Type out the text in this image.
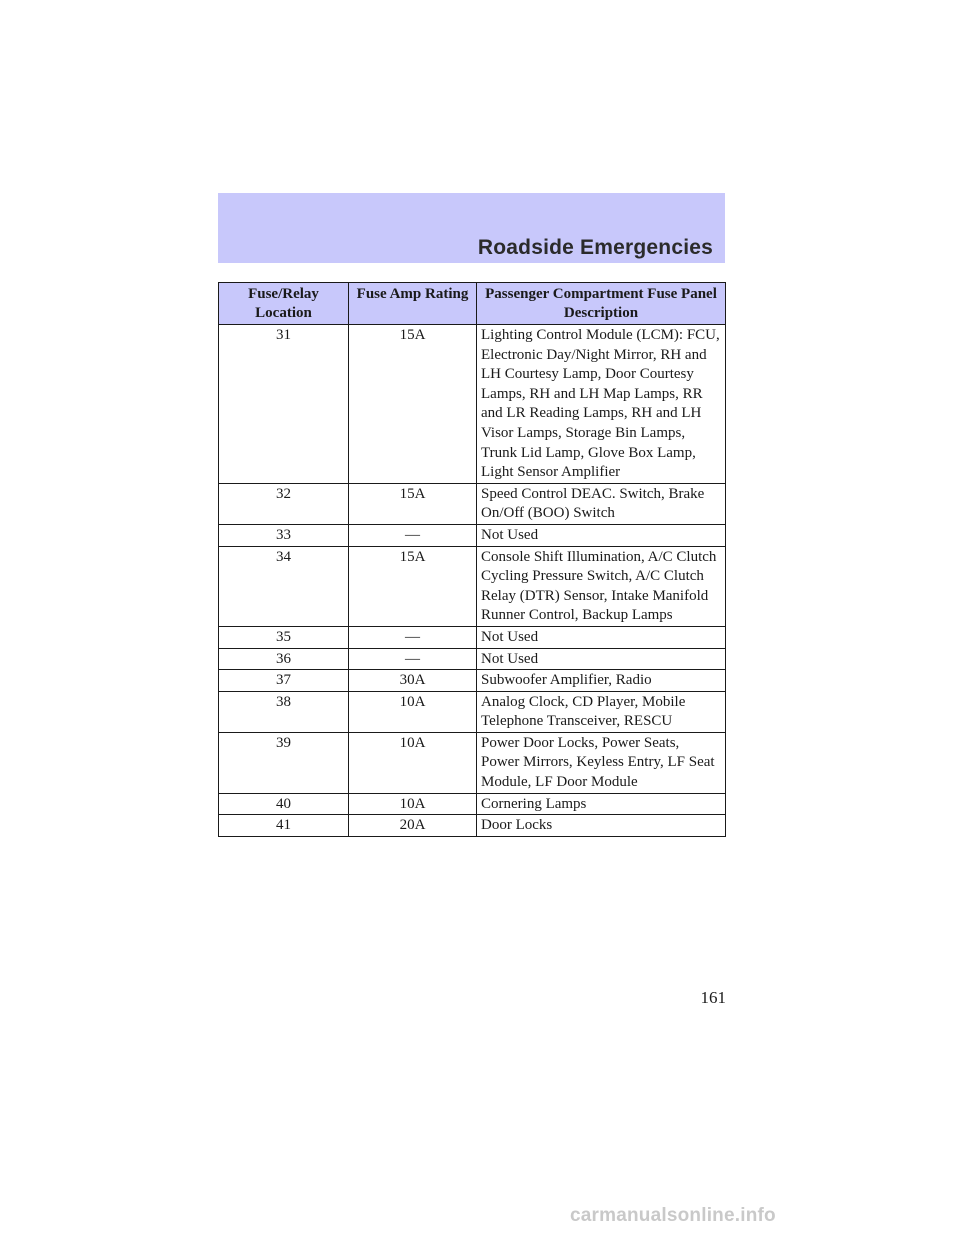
Roadside Emergencies
Fuse/Relay Location	Fuse Amp Rating	Passenger Compartment Fuse Panel Description
31	15A	Lighting Control Module (LCM): FCU, Electronic Day/Night Mirror, RH and LH Courtesy Lamp, Door Courtesy Lamps, RH and LH Map Lamps, RR and LR Reading Lamps, RH and LH Visor Lamps, Storage Bin Lamps, Trunk Lid Lamp, Glove Box Lamp, Light Sensor Amplifier
32	15A	Speed Control DEAC. Switch, Brake On/Off (BOO) Switch
33	—	Not Used
34	15A	Console Shift Illumination, A/C Clutch Cycling Pressure Switch, A/C Clutch Relay (DTR) Sensor, Intake Manifold Runner Control, Backup Lamps
35	—	Not Used
36	—	Not Used
37	30A	Subwoofer Amplifier, Radio
38	10A	Analog Clock, CD Player, Mobile Telephone Transceiver, RESCU
39	10A	Power Door Locks, Power Seats, Power Mirrors, Keyless Entry, LF Seat Module, LF Door Module
40	10A	Cornering Lamps
41	20A	Door Locks
161
carmanualsonline.info
